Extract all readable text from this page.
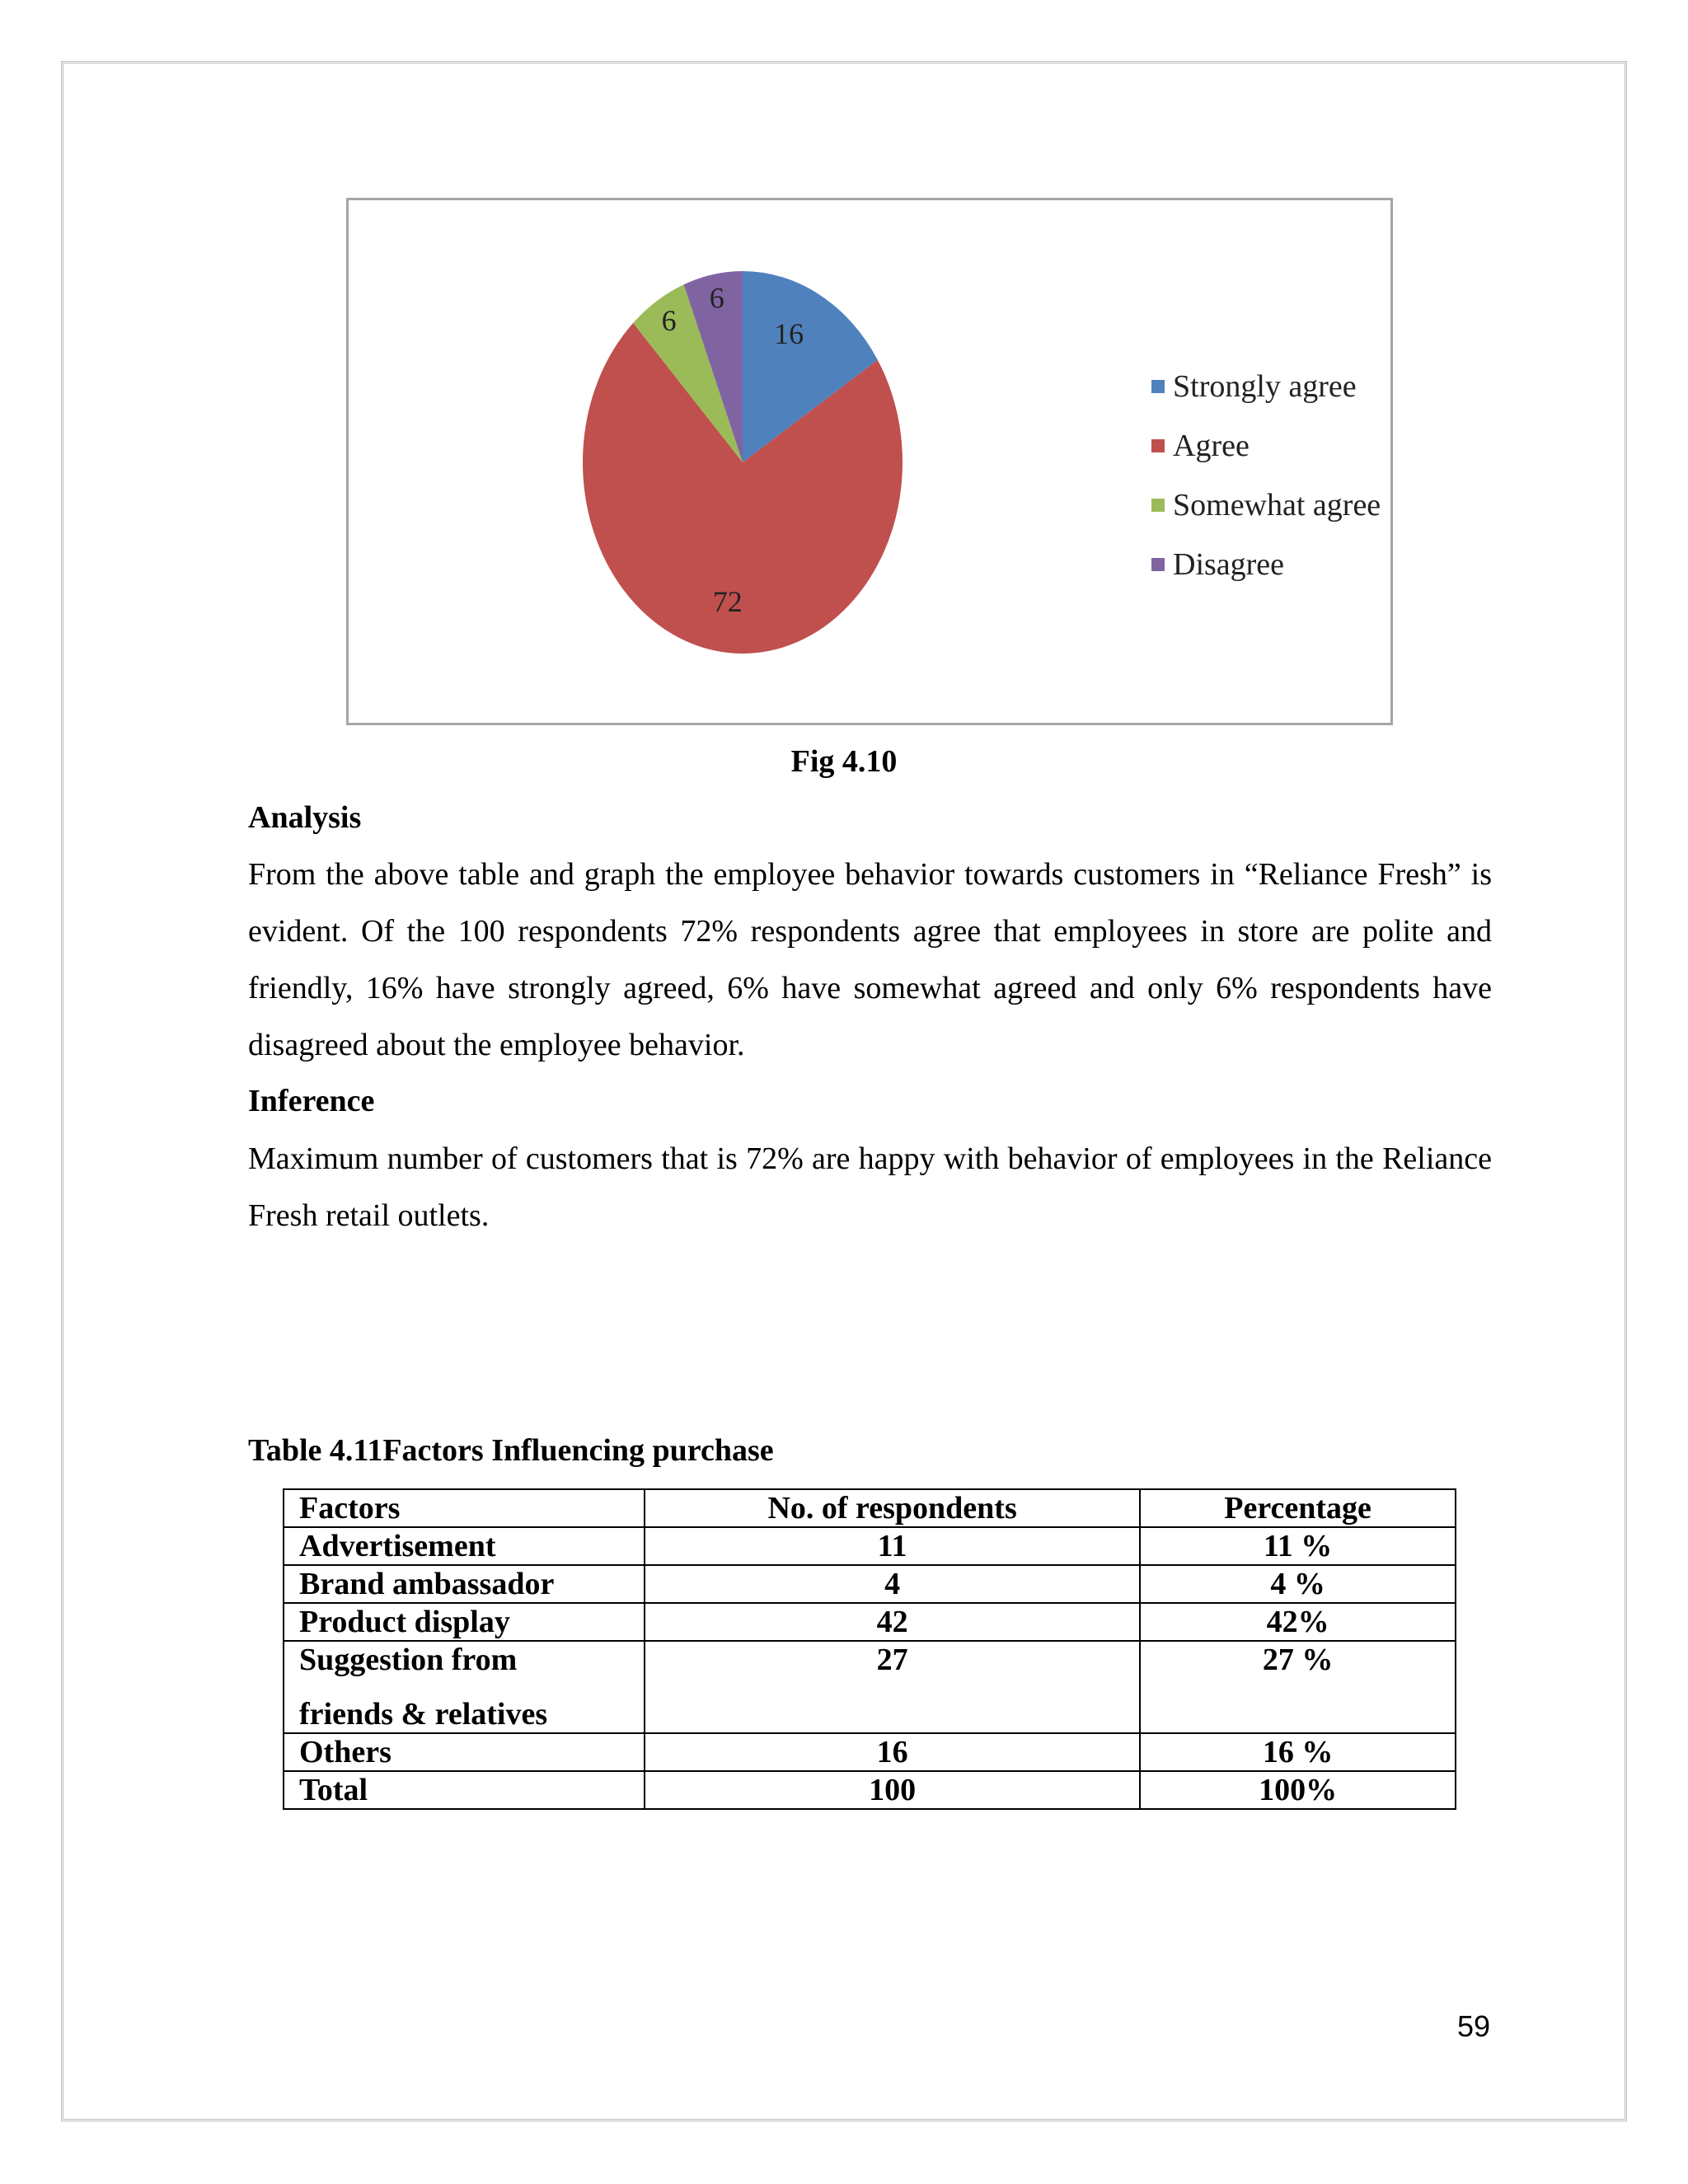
16
72
6
6
Strongly agree
Agree
Somewhat agree
Disagree
Fig 4.10
Analysis

From the above table and graph the employee behavior towards customers in “Reliance Fresh” is evident. Of the 100 respondents 72% respondents agree that employees in store are polite and friendly, 16% have strongly agreed, 6% have somewhat agreed and only 6% respondents have disagreed about the employee behavior.

Inference

Maximum number of customers that is 72% are happy with behavior of employees in the Reliance Fresh retail outlets.

Table 4.11Factors Influencing purchase
Factors	No. of respondents	Percentage
Advertisement	11	11 %
Brand ambassador	4	4 %
Product display	42	42%

Suggestion from
friends & relatives	27	27 %
Others	16	16 %
Total	100	100%
59
